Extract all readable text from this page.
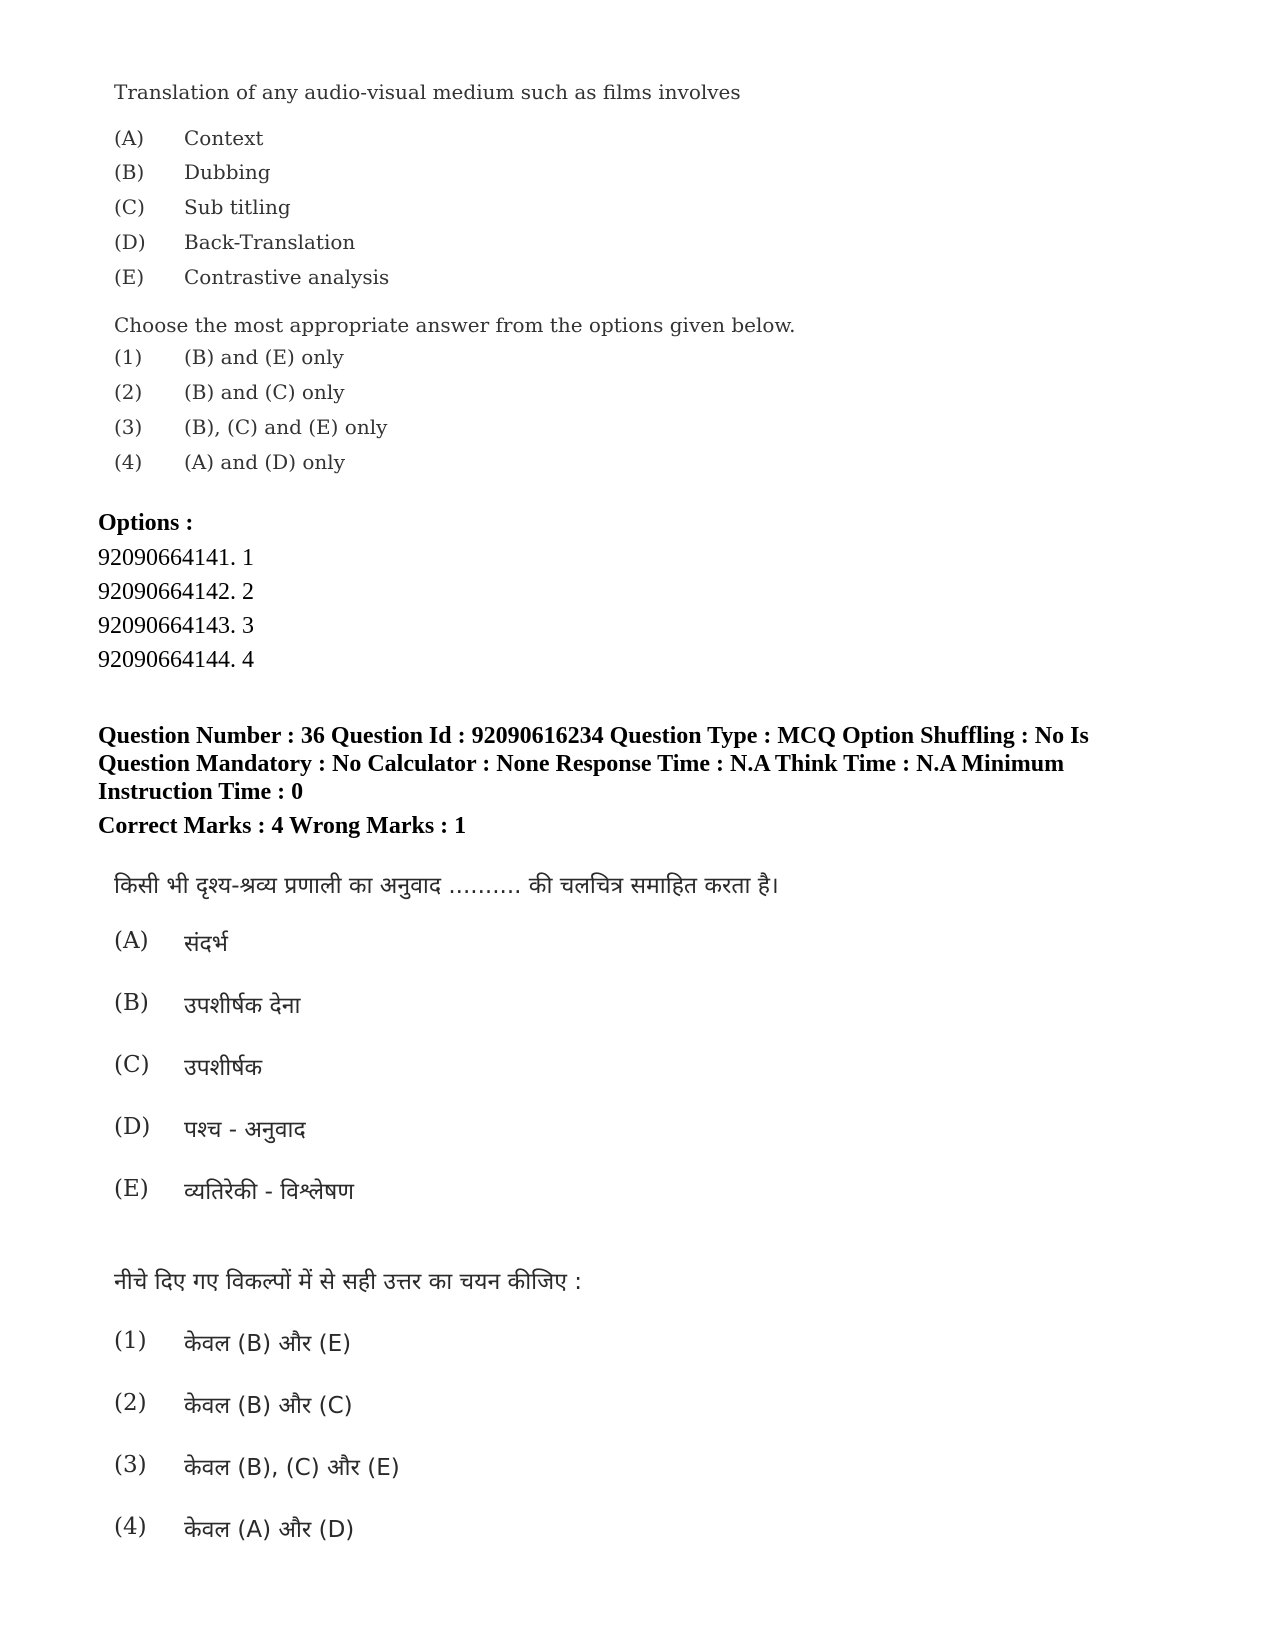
Translation of any audio-visual medium such as films involves
(A) Context
(B) Dubbing
(C) Sub titling
(D) Back-Translation
(E) Contrastive analysis
Choose the most appropriate answer from the options given below.
(1) (B) and (E) only
(2) (B) and (C) only
(3) (B), (C) and (E) only
(4) (A) and (D) only
Options :
92090664141. 1
92090664142. 2
92090664143. 3
92090664144. 4
Question Number : 36 Question Id : 92090616234 Question Type : MCQ Option Shuffling : No Is
Question Mandatory : No Calculator : None Response Time : N.A Think Time : N.A Minimum
Instruction Time : 0
Correct Marks : 4 Wrong Marks : 1
किसी भी दृश्य-श्रव्य प्रणाली का अनुवाद .......... की चलचित्र समाहित करता है।
(A) संदर्भ
(B) उपशीर्षक देना
(C) उपशीर्षक
(D) पश्च - अनुवाद
(E) व्यतिरेकी - विश्लेषण
नीचे दिए गए विकल्पों में से सही उत्तर का चयन कीजिए :
(1) केवल (B) और (E)
(2) केवल (B) और (C)
(3) केवल (B), (C) और (E)
(4) केवल (A) और (D)
